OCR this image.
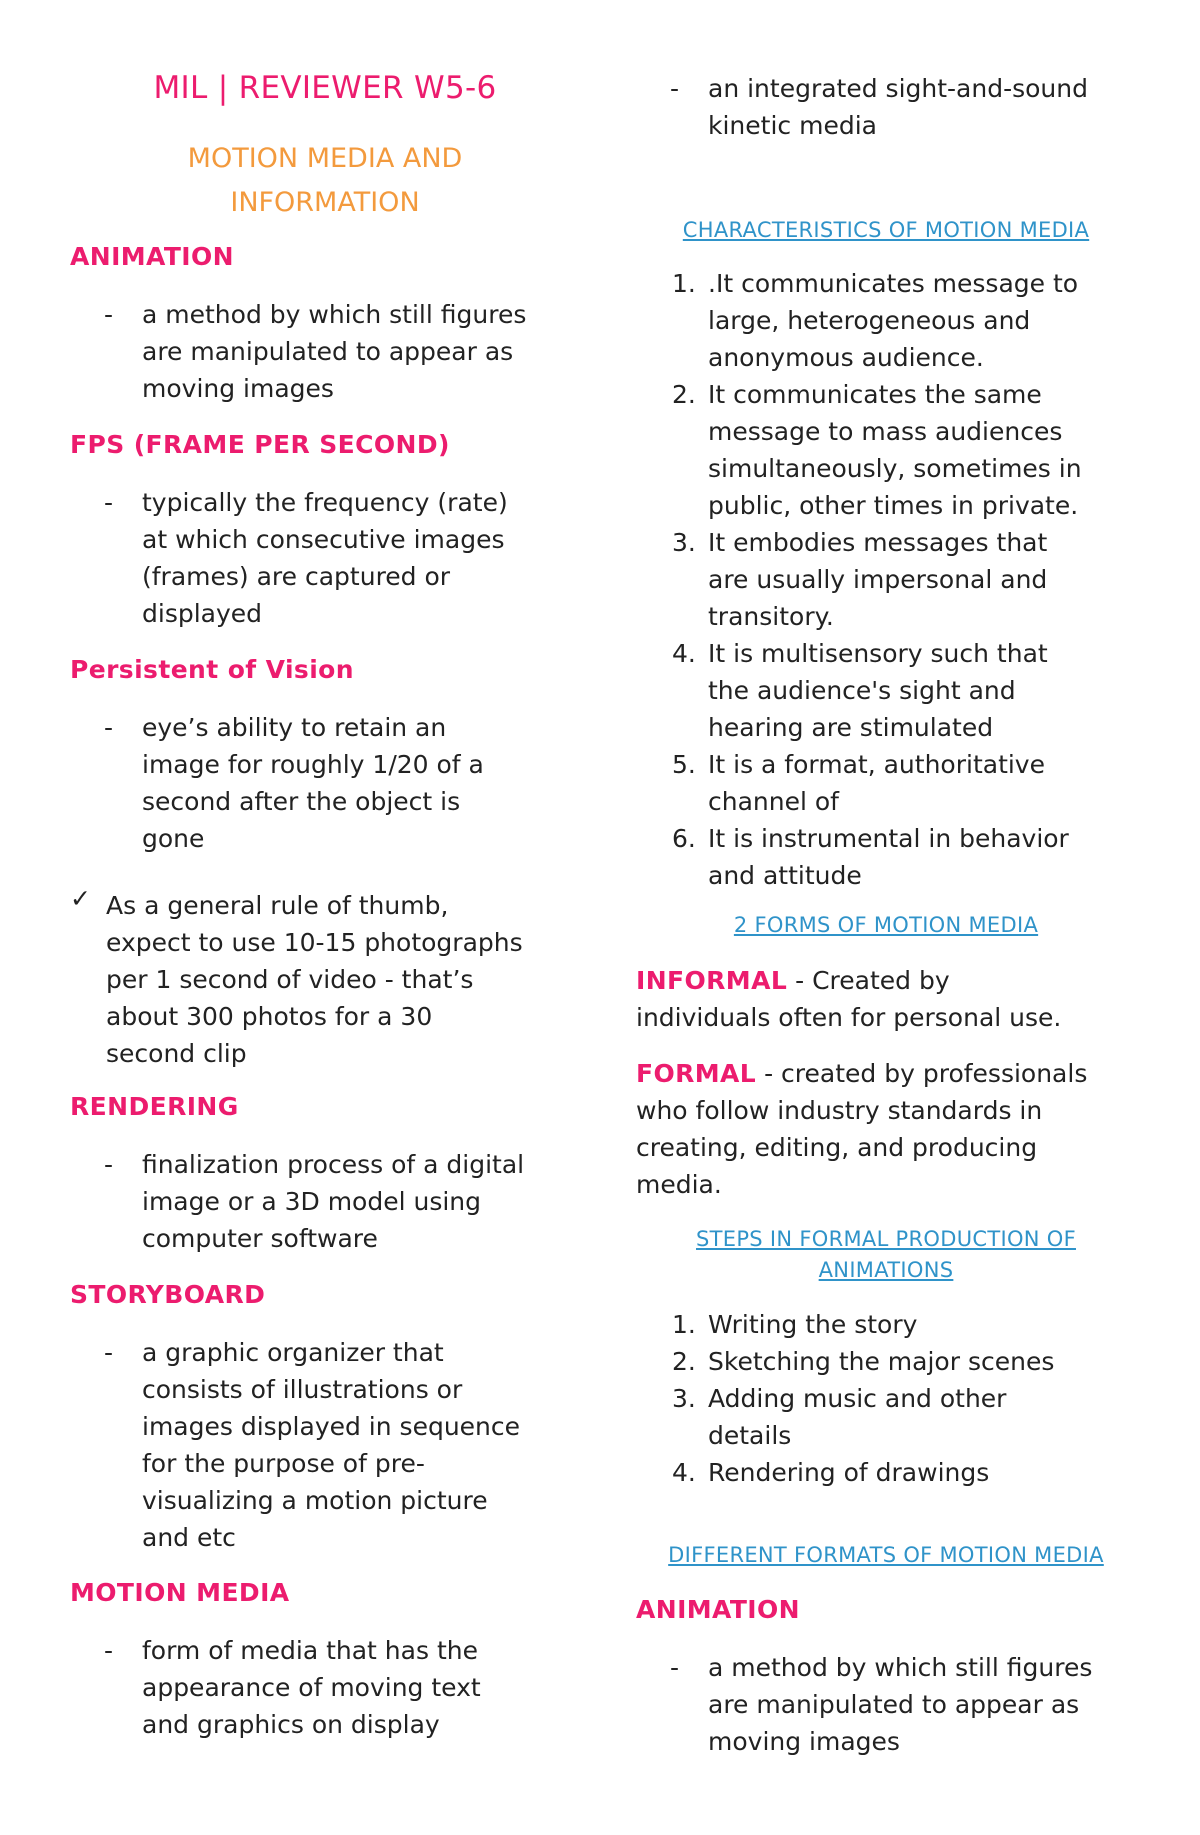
MIL | REVIEWER W5-6
MOTION MEDIA AND
INFORMATION
ANIMATION
- a method by which still figures
are manipulated to appear as
moving images
FPS (FRAME PER SECOND)
- typically the frequency (rate)
at which consecutive images
(frames) are captured or
displayed
Persistent of Vision
- eye’s ability to retain an
image for roughly 1/20 of a
second after the object is
gone
✓ As a general rule of thumb,
expect to use 10-15 photographs
per 1 second of video - that’s
about 300 photos for a 30
second clip
RENDERING
- finalization process of a digital
image or a 3D model using
computer software
STORYBOARD
- a graphic organizer that
consists of illustrations or
images displayed in sequence
for the purpose of pre-
visualizing a motion picture
and etc
MOTION MEDIA
- form of media that has the
appearance of moving text
and graphics on display
- an integrated sight-and-sound
kinetic media
CHARACTERISTICS OF MOTION MEDIA
1. .It communicates message to
large, heterogeneous and
anonymous audience.
2. It communicates the same
message to mass audiences
simultaneously, sometimes in
public, other times in private.
3. It embodies messages that
are usually impersonal and
transitory.
4. It is multisensory such that
the audience's sight and
hearing are stimulated
5. It is a format, authoritative
channel of
6. It is instrumental in behavior
and attitude
2 FORMS OF MOTION MEDIA
INFORMAL - Created by
individuals often for personal use.
FORMAL - created by professionals
who follow industry standards in
creating, editing, and producing
media.
STEPS IN FORMAL PRODUCTION OF
ANIMATIONS
1. Writing the story
2. Sketching the major scenes
3. Adding music and other
details
4. Rendering of drawings
DIFFERENT FORMATS OF MOTION MEDIA
ANIMATION
- a method by which still figures
are manipulated to appear as
moving images
